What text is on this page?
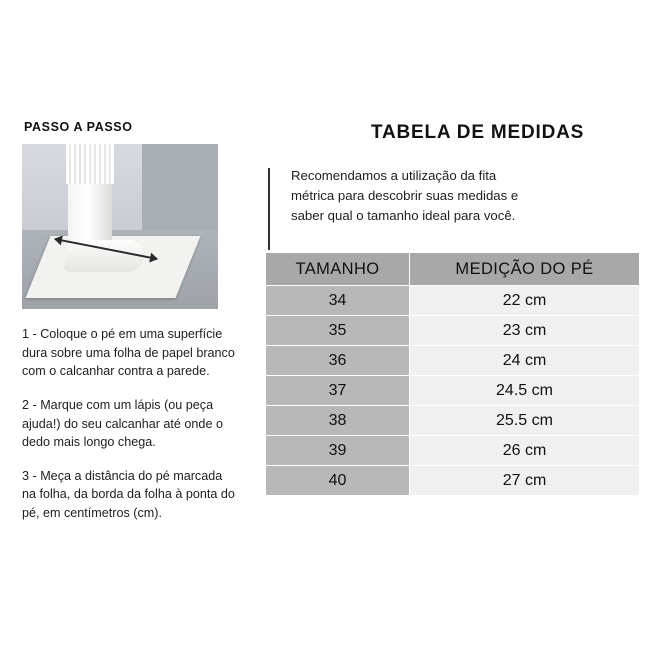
PASSO A PASSO

1 - Coloque o pé em uma superfície dura sobre uma folha de papel branco com o calcanhar contra a parede.

2 - Marque com um lápis (ou peça ajuda!) do seu calcanhar até onde o dedo mais longo chega.

3 - Meça a distância do pé marcada na folha, da borda da folha à ponta do pé, em centímetros (cm).

TABELA DE MEDIDAS

Recomendamos a utilização da fita métrica para descobrir suas medidas e saber qual o tamanho ideal para você.

TAMANHO	MEDIÇÃO DO PÉ
34	22 cm
35	23 cm
36	24 cm
37	24.5 cm
38	25.5 cm
39	26 cm
40	27 cm
